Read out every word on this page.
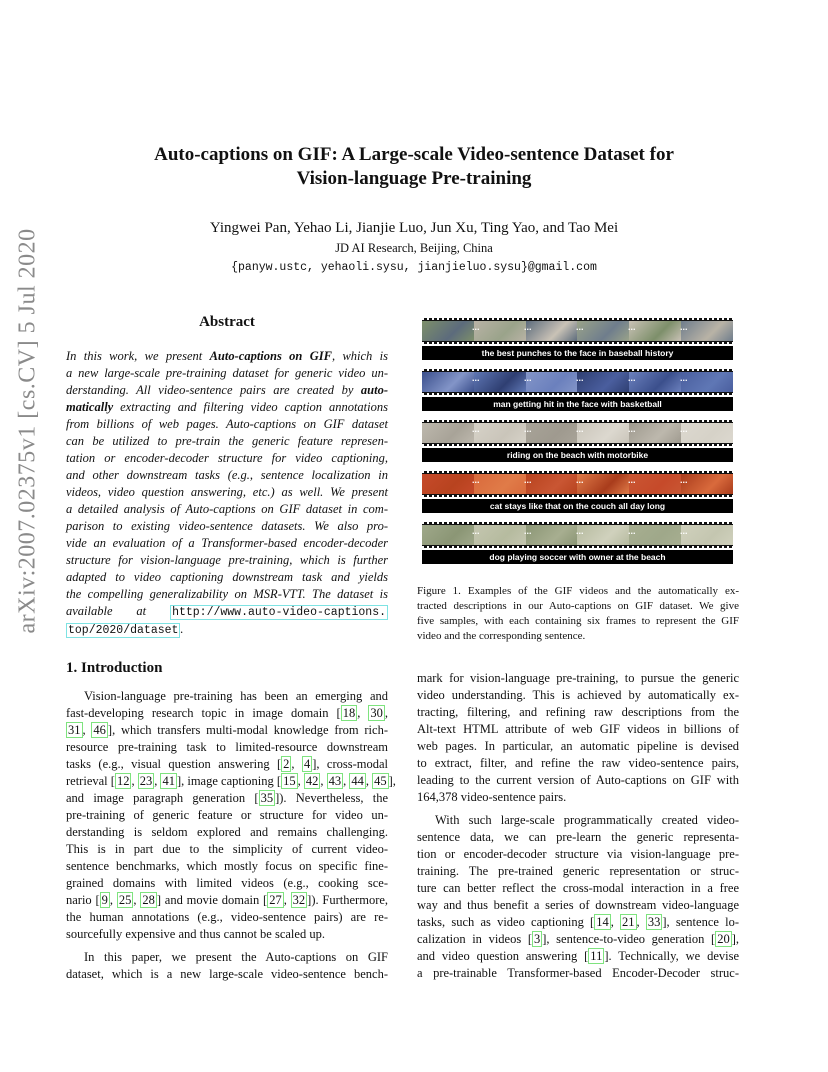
arXiv:2007.02375v1 [cs.CV] 5 Jul 2020
Auto-captions on GIF: A Large-scale Video-sentence Dataset for
Vision-language Pre-training
Yingwei Pan, Yehao Li, Jianjie Luo, Jun Xu, Ting Yao, and Tao Mei
JD AI Research, Beijing, China
{panyw.ustc, yehaoli.sysu, jianjieluo.sysu}@gmail.com
Abstract
In this work, we present Auto-captions on GIF, which is
a new large-scale pre-training dataset for generic video un-
derstanding. All video-sentence pairs are created by auto-
matically extracting and filtering video caption annotations
from billions of web pages. Auto-captions on GIF dataset
can be utilized to pre-train the generic feature represen-
tation or encoder-decoder structure for video captioning,
and other downstream tasks (e.g., sentence localization in
videos, video question answering, etc.) as well. We present
a detailed analysis of Auto-captions on GIF dataset in com-
parison to existing video-sentence datasets. We also pro-
vide an evaluation of a Transformer-based encoder-decoder
structure for vision-language pre-training, which is further
adapted to video captioning downstream task and yields
the compelling generalizability on MSR-VTT. The dataset is
available at http://www.auto-video-captions.
top/2020/dataset .
...	...	...	...	...
the best punches to the face in baseball history
...	...	...	...	...
man getting hit in the face with basketball
...	...	...	...	...
riding on the beach with motorbike
...	...	...	...	...
cat stays like that on the couch all day long
...	...	...	...	...
dog playing soccer with owner at the beach
Figure 1. Examples of the GIF videos and the automatically ex-
tracted descriptions in our Auto-captions on GIF dataset. We give
five samples, with each containing six frames to represent the GIF
video and the corresponding sentence.
1. Introduction
Vision-language pre-training has been an emerging and
fast-developing research topic in image domain [ 18 , 30 ,
31 , 46 ], which transfers multi-modal knowledge from rich-
resource pre-training task to limited-resource downstream
tasks (e.g., visual question answering [ 2 , 4 ], cross-modal
retrieval [ 12 , 23 , 41 ], image captioning [ 15 , 42 , 43 , 44 , 45 ],
and image paragraph generation [ 35 ]). Nevertheless, the
pre-training of generic feature or structure for video un-
derstanding is seldom explored and remains challenging.
This is in part due to the simplicity of current video-
sentence benchmarks, which mostly focus on specific fine-
grained domains with limited videos (e.g., cooking sce-
nario [ 9 , 25 , 28 ] and movie domain [ 27 , 32 ]). Furthermore,
the human annotations (e.g., video-sentence pairs) are re-
sourcefully expensive and thus cannot be scaled up.
In this paper, we present the Auto-captions on GIF
dataset, which is a new large-scale video-sentence bench-
mark for vision-language pre-training, to pursue the generic
video understanding. This is achieved by automatically ex-
tracting, filtering, and refining raw descriptions from the
Alt-text HTML attribute of web GIF videos in billions of
web pages. In particular, an automatic pipeline is devised
to extract, filter, and refine the raw video-sentence pairs,
leading to the current version of Auto-captions on GIF with
164,378 video-sentence pairs.
With such large-scale programmatically created video-
sentence data, we can pre-learn the generic representa-
tion or encoder-decoder structure via vision-language pre-
training. The pre-trained generic representation or struc-
ture can better reflect the cross-modal interaction in a free
way and thus benefit a series of downstream video-language
tasks, such as video captioning [ 14 , 21 , 33 ], sentence lo-
calization in videos [ 3 ], sentence-to-video generation [ 20 ],
and video question answering [ 11 ]. Technically, we devise
a pre-trainable Transformer-based Encoder-Decoder struc-
